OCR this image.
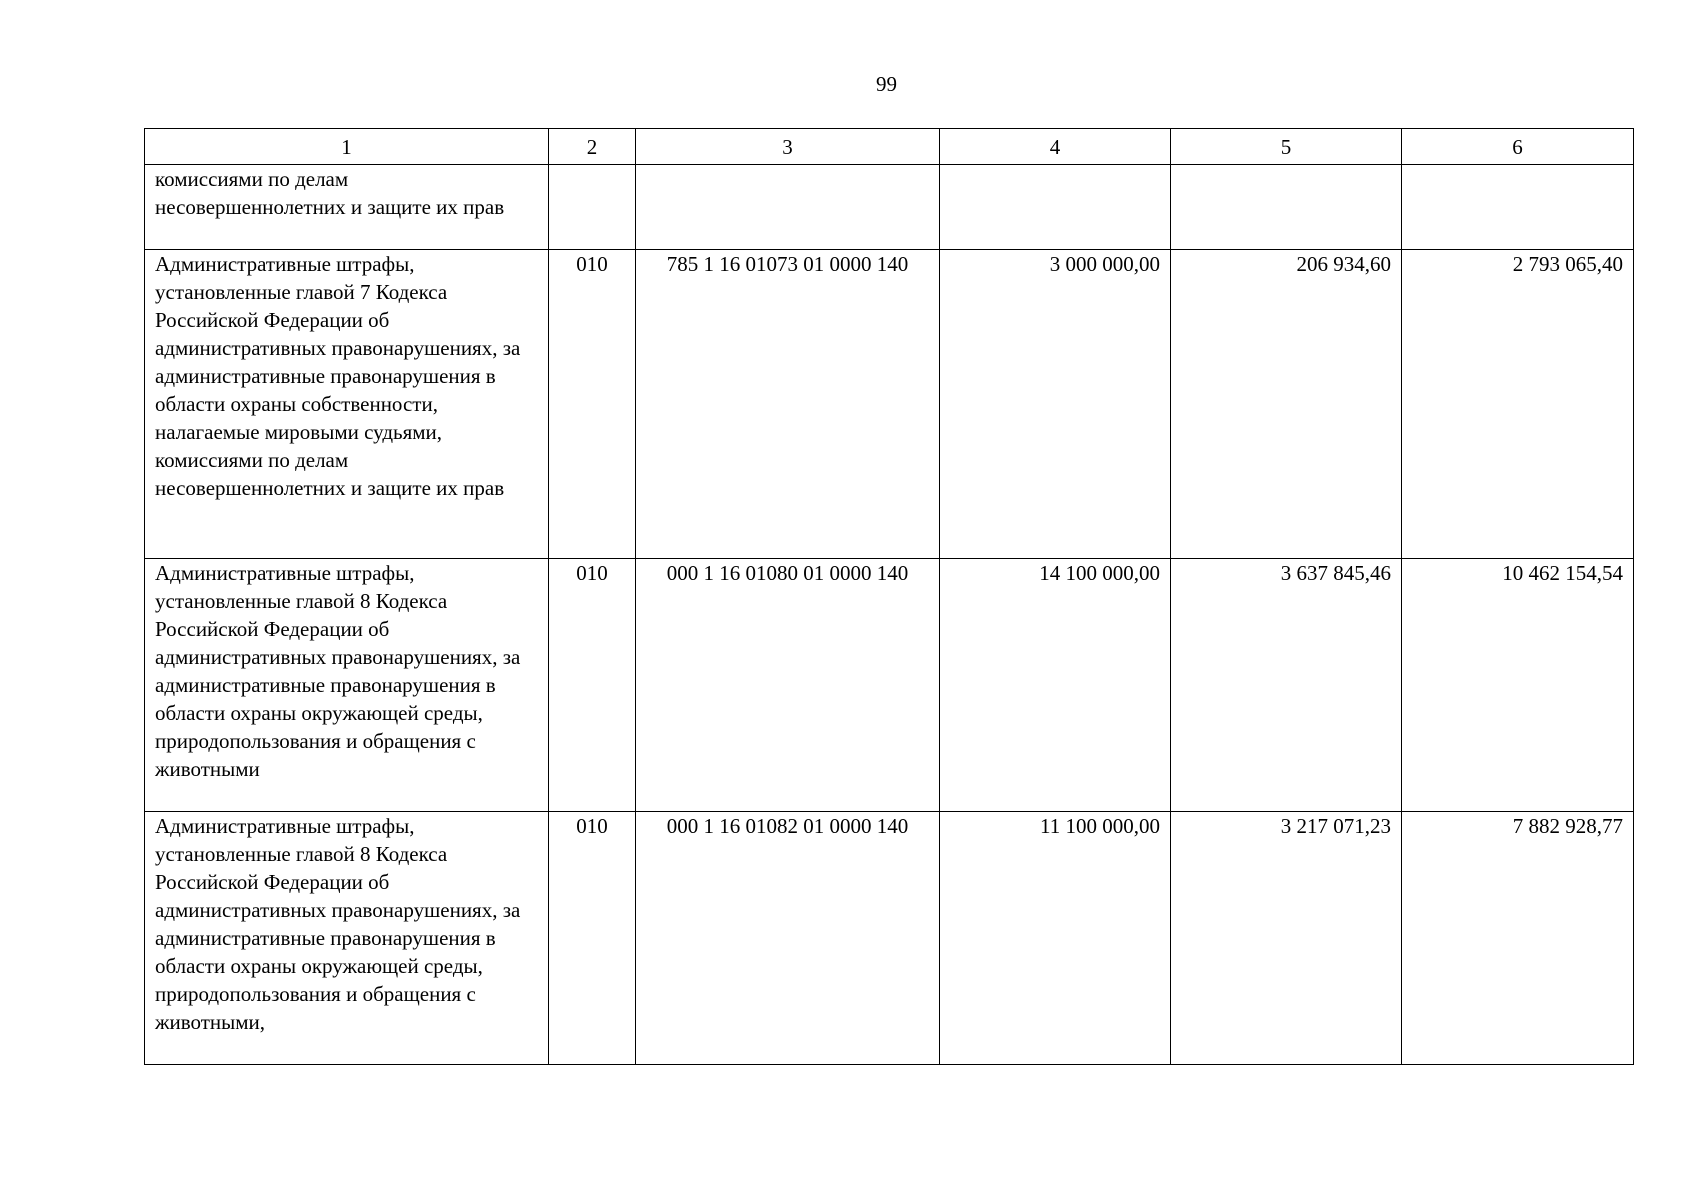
99
1	2	3	4	5	6
комиссиями по делам несовершеннолетних и защите их прав					
Административные штрафы, установленные главой 7 Кодекса Российской Федерации об административных правонарушениях, за административные правонарушения в области охраны собственности, налагаемые мировыми судьями, комиссиями по делам несовершеннолетних и защите их прав	010	785 1 16 01073 01 0000 140	3 000 000,00	206 934,60	2 793 065,40
Административные штрафы, установленные главой 8 Кодекса Российской Федерации об административных правонарушениях, за административные правонарушения в области охраны окружающей среды, природопользования и обращения с животными	010	000 1 16 01080 01 0000 140	14 100 000,00	3 637 845,46	10 462 154,54
Административные штрафы, установленные главой 8 Кодекса Российской Федерации об административных правонарушениях, за административные правонарушения в области охраны окружающей среды, природопользования и обращения с животными,	010	000 1 16 01082 01 0000 140	11 100 000,00	3 217 071,23	7 882 928,77
